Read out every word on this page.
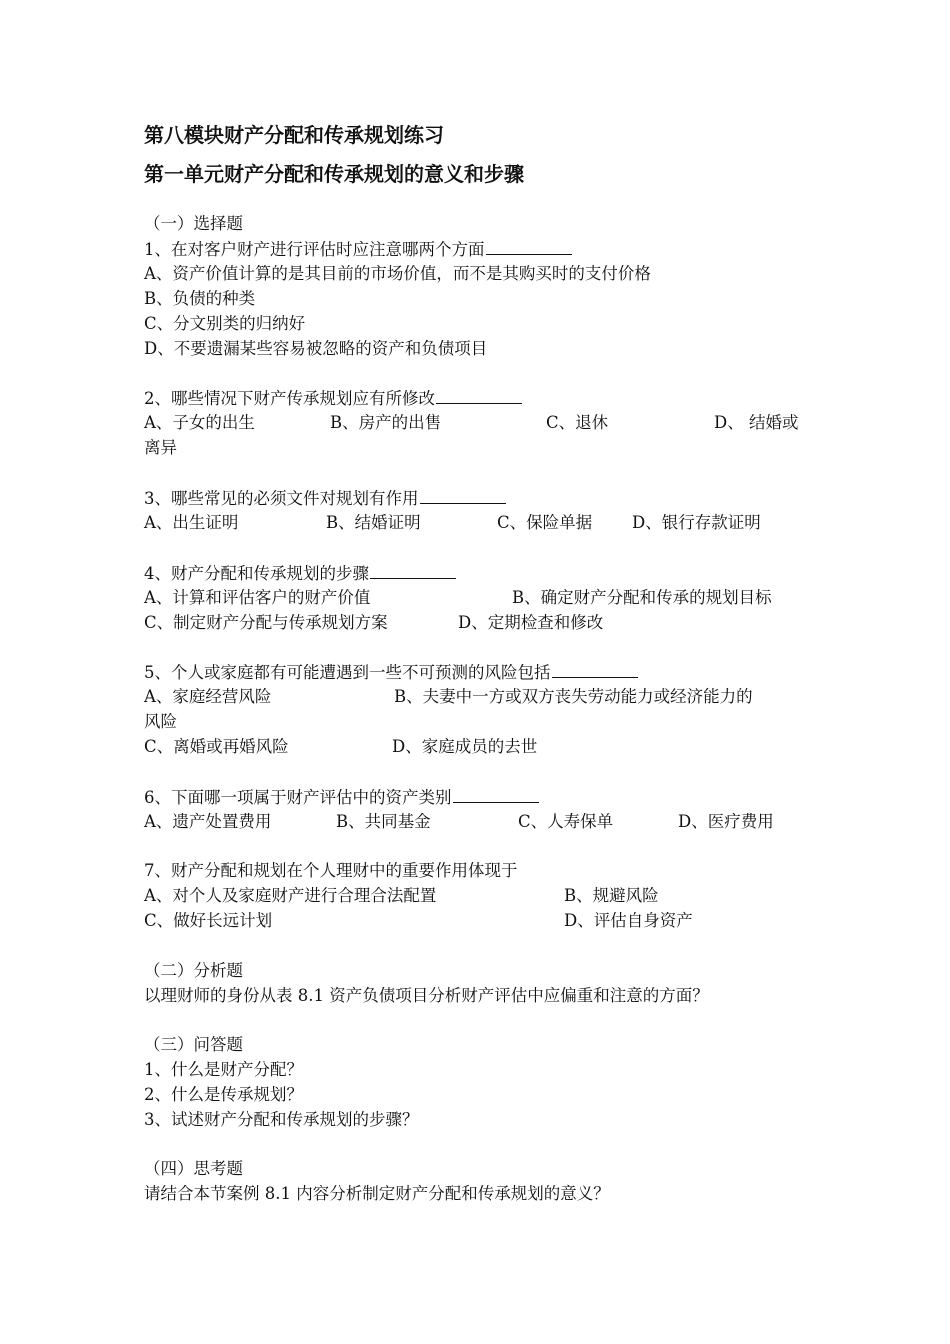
第八模块财产分配和传承规划练习
第一单元财产分配和传承规划的意义和步骤
（一）选择题
1、在对客户财产进行评估时应注意哪两个方面
A、资产价值计算的是其目前的市场价值，而不是其购买时的支付价格
B、负债的种类
C、分文别类的归纳好
D、不要遗漏某些容易被忽略的资产和负债项目
2、哪些情况下财产传承规划应有所修改
A、子女的出生	B、房产的出售	C、退休	D、 结婚或
离异
3、哪些常见的必须文件对规划有作用
A、出生证明	B、结婚证明	C、保险单据 D、银行存款证明
4、财产分配和传承规划的步骤
A、计算和评估客户的财产价值	B、确定财产分配和传承的规划目标
C、制定财产分配与传承规划方案	D、定期检查和修改
5、个人或家庭都有可能遭遇到一些不可预测的风险包括
A、家庭经营风险	B、夫妻中一方或双方丧失劳动能力或经济能力的
风险
C、离婚或再婚风险	D、家庭成员的去世
6、下面哪一项属于财产评估中的资产类别
A、遗产处置费用	B、共同基金	C、人寿保单	D、医疗费用
7、财产分配和规划在个人理财中的重要作用体现于
A、对个人及家庭财产进行合理合法配置	B、规避风险
C、做好长远计划	D、评估自身资产
（二）分析题
以理财师的身份从表 8.1 资产负债项目分析财产评估中应偏重和注意的方面？
（三）问答题
1、什么是财产分配？
2、什么是传承规划？
3、试述财产分配和传承规划的步骤？
（四）思考题
请结合本节案例 8.1 内容分析制定财产分配和传承规划的意义？
